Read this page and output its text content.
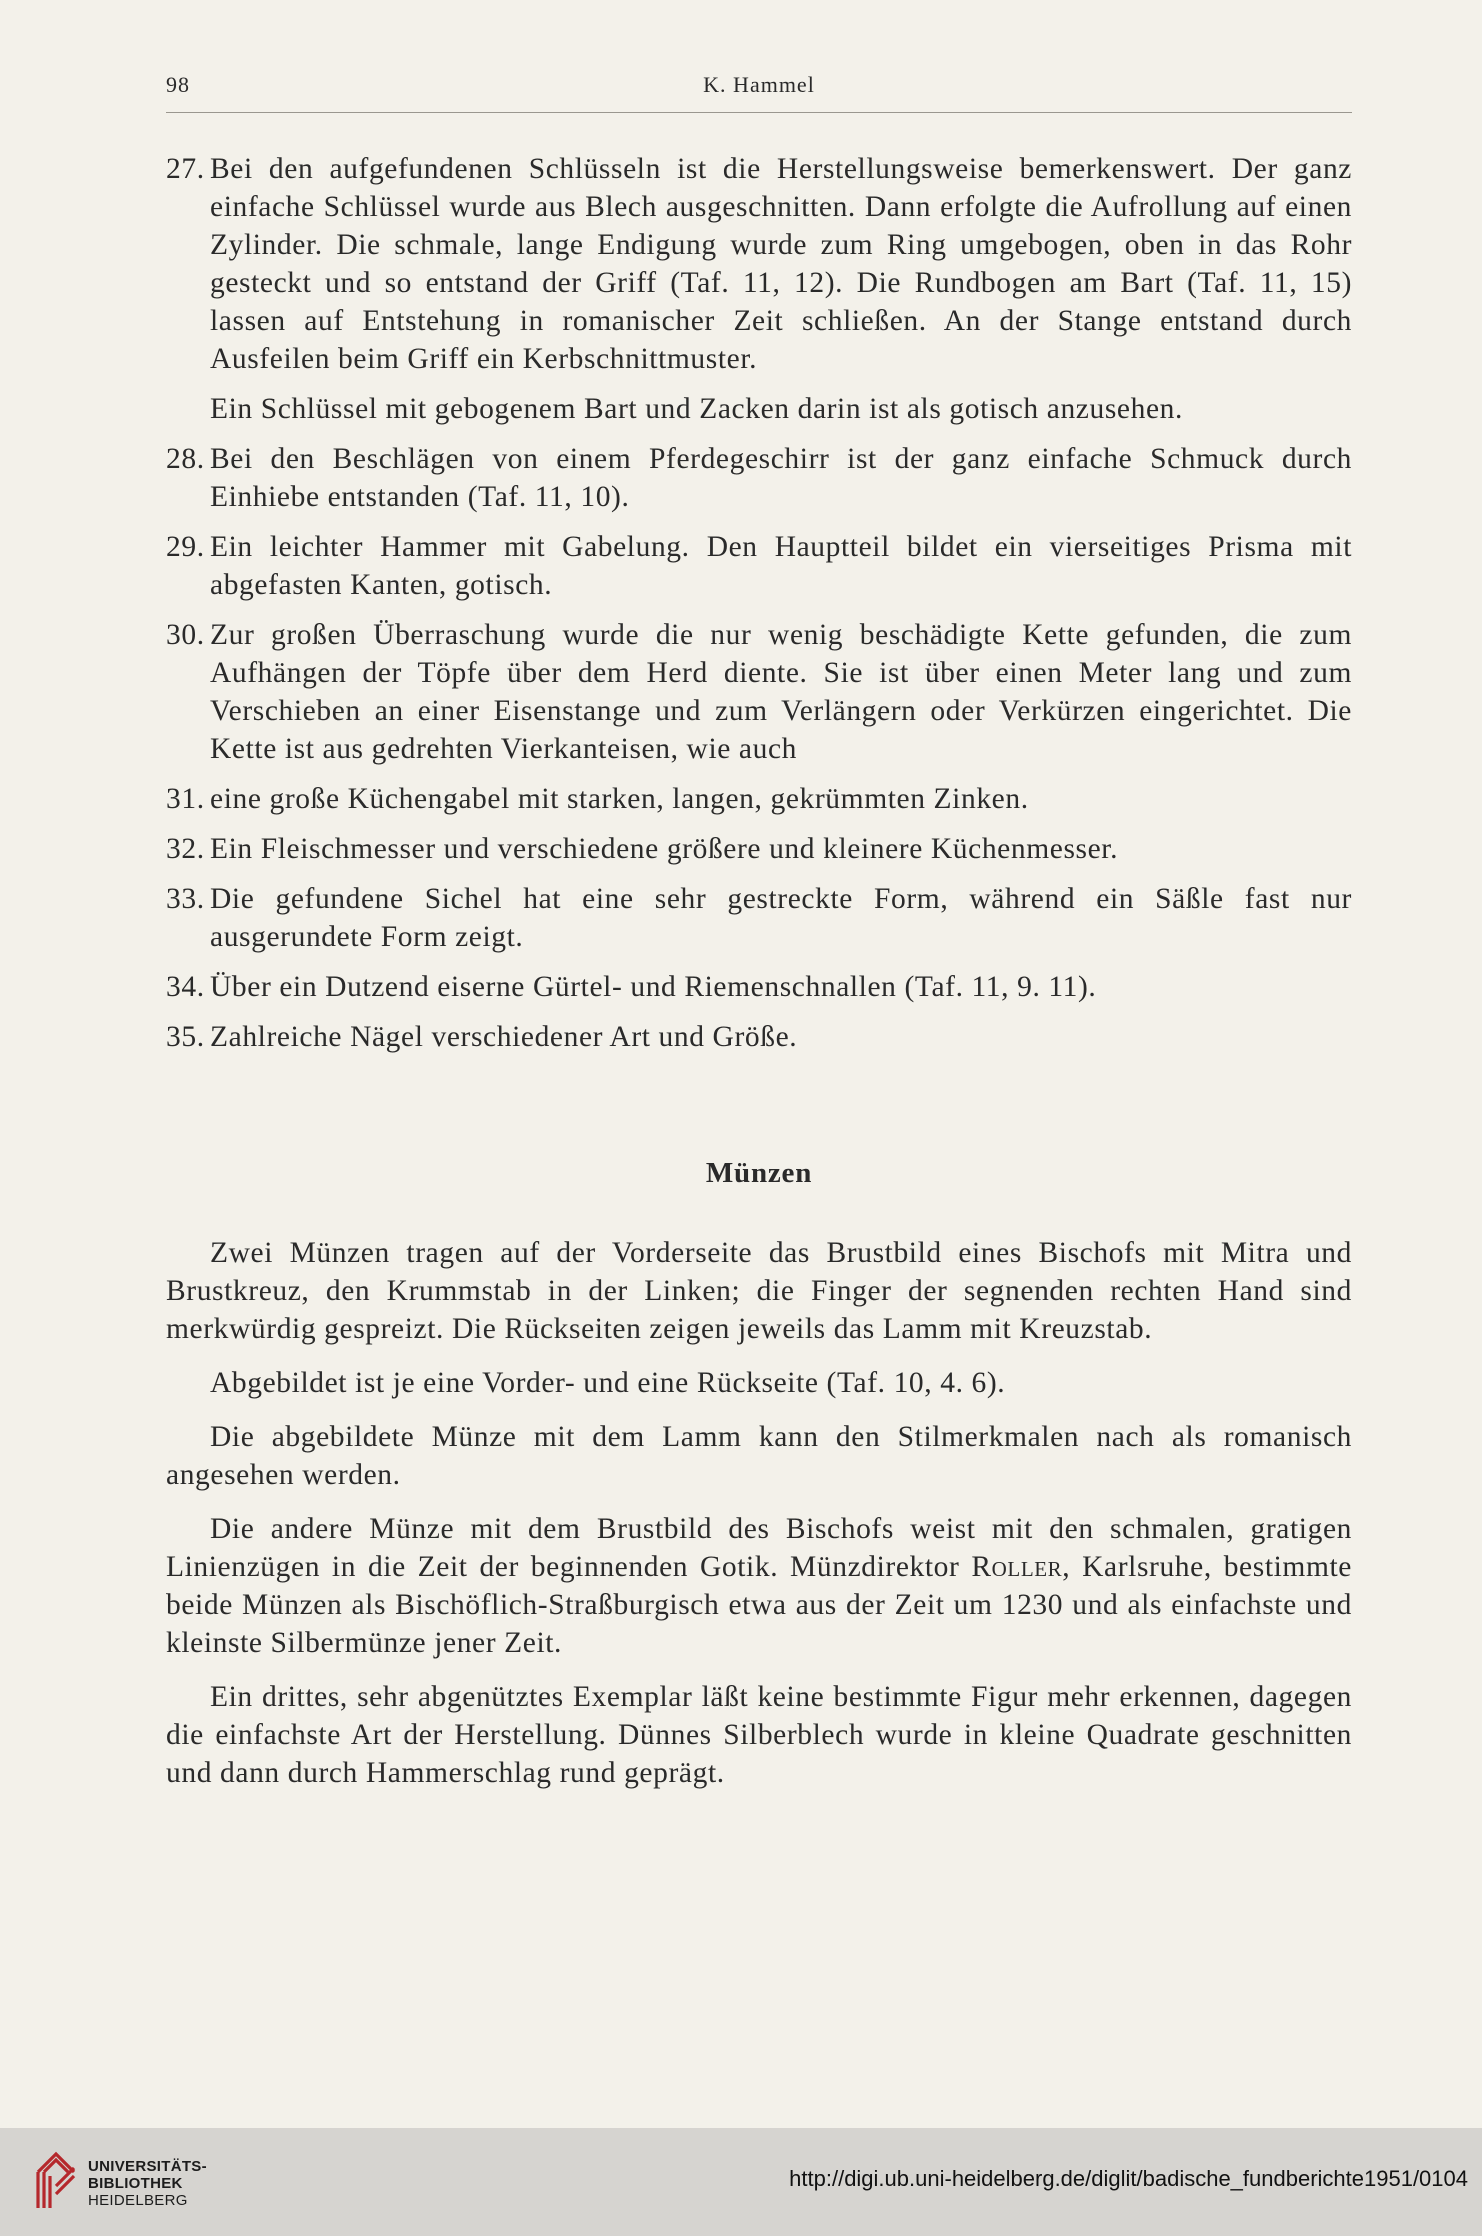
98	K. Hammel
27. Bei den aufgefundenen Schlüsseln ist die Herstellungsweise bemerkenswert. Der ganz einfache Schlüssel wurde aus Blech ausgeschnitten. Dann erfolgte die Aufrollung auf einen Zylinder. Die schmale, lange Endigung wurde zum Ring umgebogen, oben in das Rohr gesteckt und so entstand der Griff (Taf. 11, 12). Die Rundbogen am Bart (Taf. 11, 15) lassen auf Entstehung in romanischer Zeit schließen. An der Stange entstand durch Ausfeilen beim Griff ein Kerbschnittmuster.
Ein Schlüssel mit gebogenem Bart und Zacken darin ist als gotisch anzusehen.
28. Bei den Beschlägen von einem Pferdegeschirr ist der ganz einfache Schmuck durch Einhiebe entstanden (Taf. 11, 10).
29. Ein leichter Hammer mit Gabelung. Den Hauptteil bildet ein vierseitiges Prisma mit abgefasten Kanten, gotisch.
30. Zur großen Überraschung wurde die nur wenig beschädigte Kette gefunden, die zum Aufhängen der Töpfe über dem Herd diente. Sie ist über einen Meter lang und zum Verschieben an einer Eisenstange und zum Verlängern oder Verkürzen eingerichtet. Die Kette ist aus gedrehten Vierkanteisen, wie auch
31. eine große Küchengabel mit starken, langen, gekrümmten Zinken.
32. Ein Fleischmesser und verschiedene größere und kleinere Küchenmesser.
33. Die gefundene Sichel hat eine sehr gestreckte Form, während ein Säßle fast nur ausgerundete Form zeigt.
34. Über ein Dutzend eiserne Gürtel- und Riemenschnallen (Taf. 11, 9. 11).
35. Zahlreiche Nägel verschiedener Art und Größe.
Münzen
Zwei Münzen tragen auf der Vorderseite das Brustbild eines Bischofs mit Mitra und Brustkreuz, den Krummstab in der Linken; die Finger der segnenden rechten Hand sind merkwürdig gespreizt. Die Rückseiten zeigen jeweils das Lamm mit Kreuzstab.
Abgebildet ist je eine Vorder- und eine Rückseite (Taf. 10, 4. 6).
Die abgebildete Münze mit dem Lamm kann den Stilmerkmalen nach als romanisch angesehen werden.
Die andere Münze mit dem Brustbild des Bischofs weist mit den schmalen, gratigen Linienzügen in die Zeit der beginnenden Gotik. Münzdirektor Roller, Karlsruhe, bestimmte beide Münzen als Bischöflich-Straßburgisch etwa aus der Zeit um 1230 und als einfachste und kleinste Silbermünze jener Zeit.
Ein drittes, sehr abgenütztes Exemplar läßt keine bestimmte Figur mehr erkennen, dagegen die einfachste Art der Herstellung. Dünnes Silberblech wurde in kleine Quadrate geschnitten und dann durch Hammerschlag rund geprägt.
UNIVERSITÄTS-
BIBLIOTHEK
HEIDELBERG
http://digi.ub.uni-heidelberg.de/diglit/badische_fundberichte1951/0104
